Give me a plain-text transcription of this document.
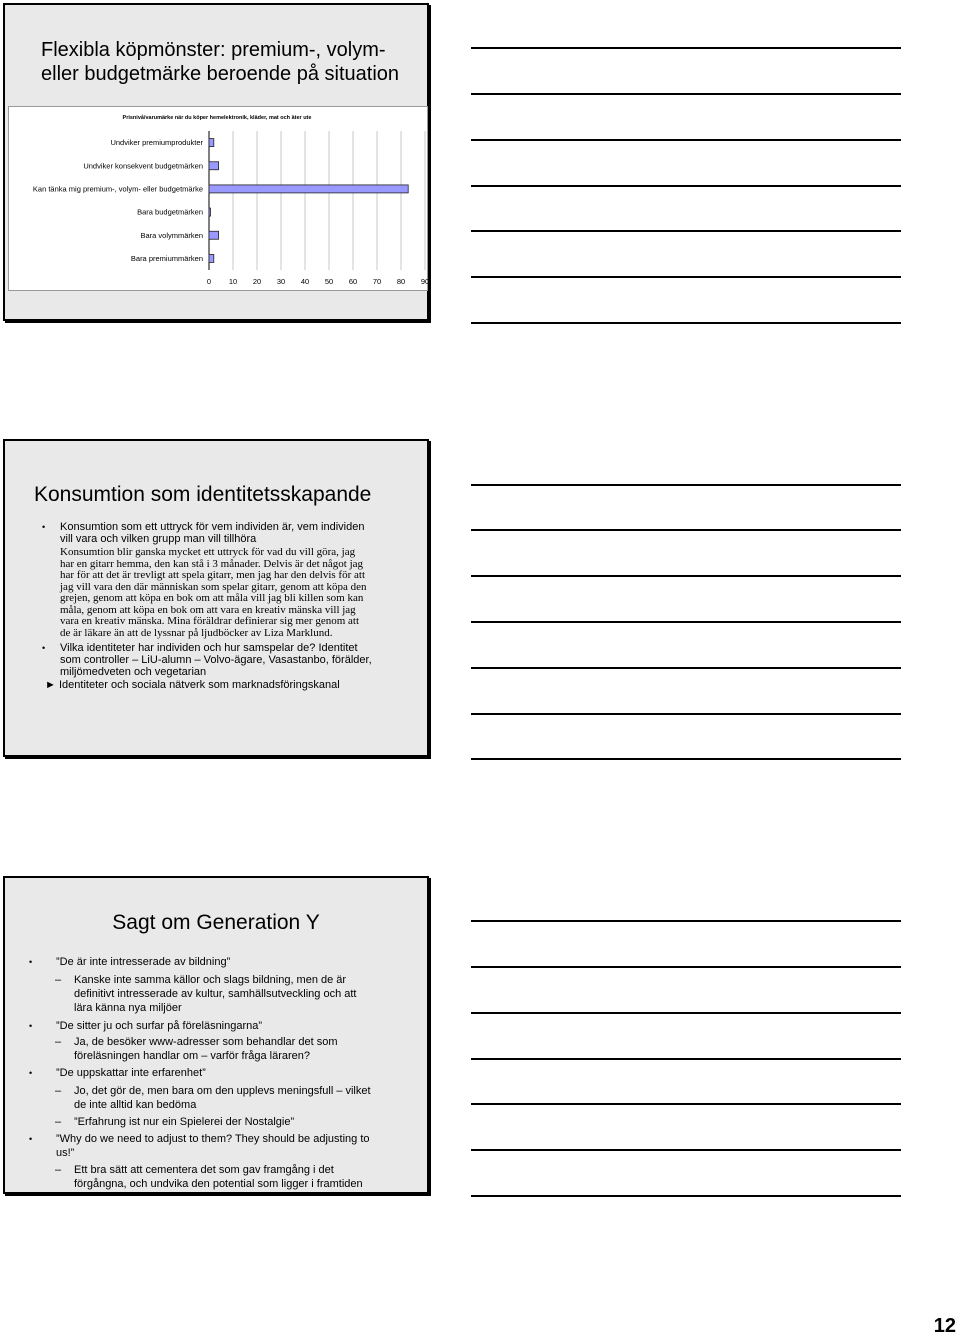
Flexibla köpmönster: premium-, volym- eller budgetmärke beroende på situation
Prisnivå/varumärke när du köper hemelektronik, kläder, mat och äter ute
Undviker premiumprodukter
Undviker konsekvent budgetmärken
Kan tänka mig premium-, volym- eller budgetmärke
Bara budgetmärken
Bara volymmärken
Bara premiummärken
0 10 20 30 40 50 60 70 80 90
Konsumtion som identitetsskapande
• Konsumtion som ett uttryck för vem individen är, vem individen
vill vara och vilken grupp man vill tillhöra
Konsumtion blir ganska mycket ett uttryck för vad du vill göra, jag
har en gitarr hemma, den kan stå i 3 månader. Delvis är det något jag
har för att det är trevligt att spela gitarr, men jag har den delvis för att
jag vill vara den där människan som spelar gitarr, genom att köpa den
grejen, genom att köpa en bok om att måla vill jag bli killen som kan
måla, genom att köpa en bok om att vara en kreativ mänska vill jag
vara en kreativ mänska. Mina föräldrar definierar sig mer genom att
de är läkare än att de lyssnar på ljudböcker av Liza Marklund.
• Vilka identiteter har individen och hur samspelar de? Identitet
som controller – LiU-alumn – Volvo-ägare, Vasastanbo, förälder,
miljömedveten och vegetarian
► Identiteter och sociala nätverk som marknadsföringskanal
Sagt om Generation Y
• ”De är inte intresserade av bildning”
– Kanske inte samma källor och slags bildning, men de är
definitivt intresserade av kultur, samhällsutveckling och att
lära känna nya miljöer
• ”De sitter ju och surfar på föreläsningarna”
– Ja, de besöker www-adresser som behandlar det som
föreläsningen handlar om – varför fråga läraren?
• ”De uppskattar inte erfarenhet”
– Jo, det gör de, men bara om den upplevs meningsfull – vilket
de inte alltid kan bedöma
– ”Erfahrung ist nur ein Spielerei der Nostalgie”
• ”Why do we need to adjust to them? They should be adjusting to
us!”
– Ett bra sätt att cementera det som gav framgång i det
förgångna, och undvika den potential som ligger i framtiden
12
